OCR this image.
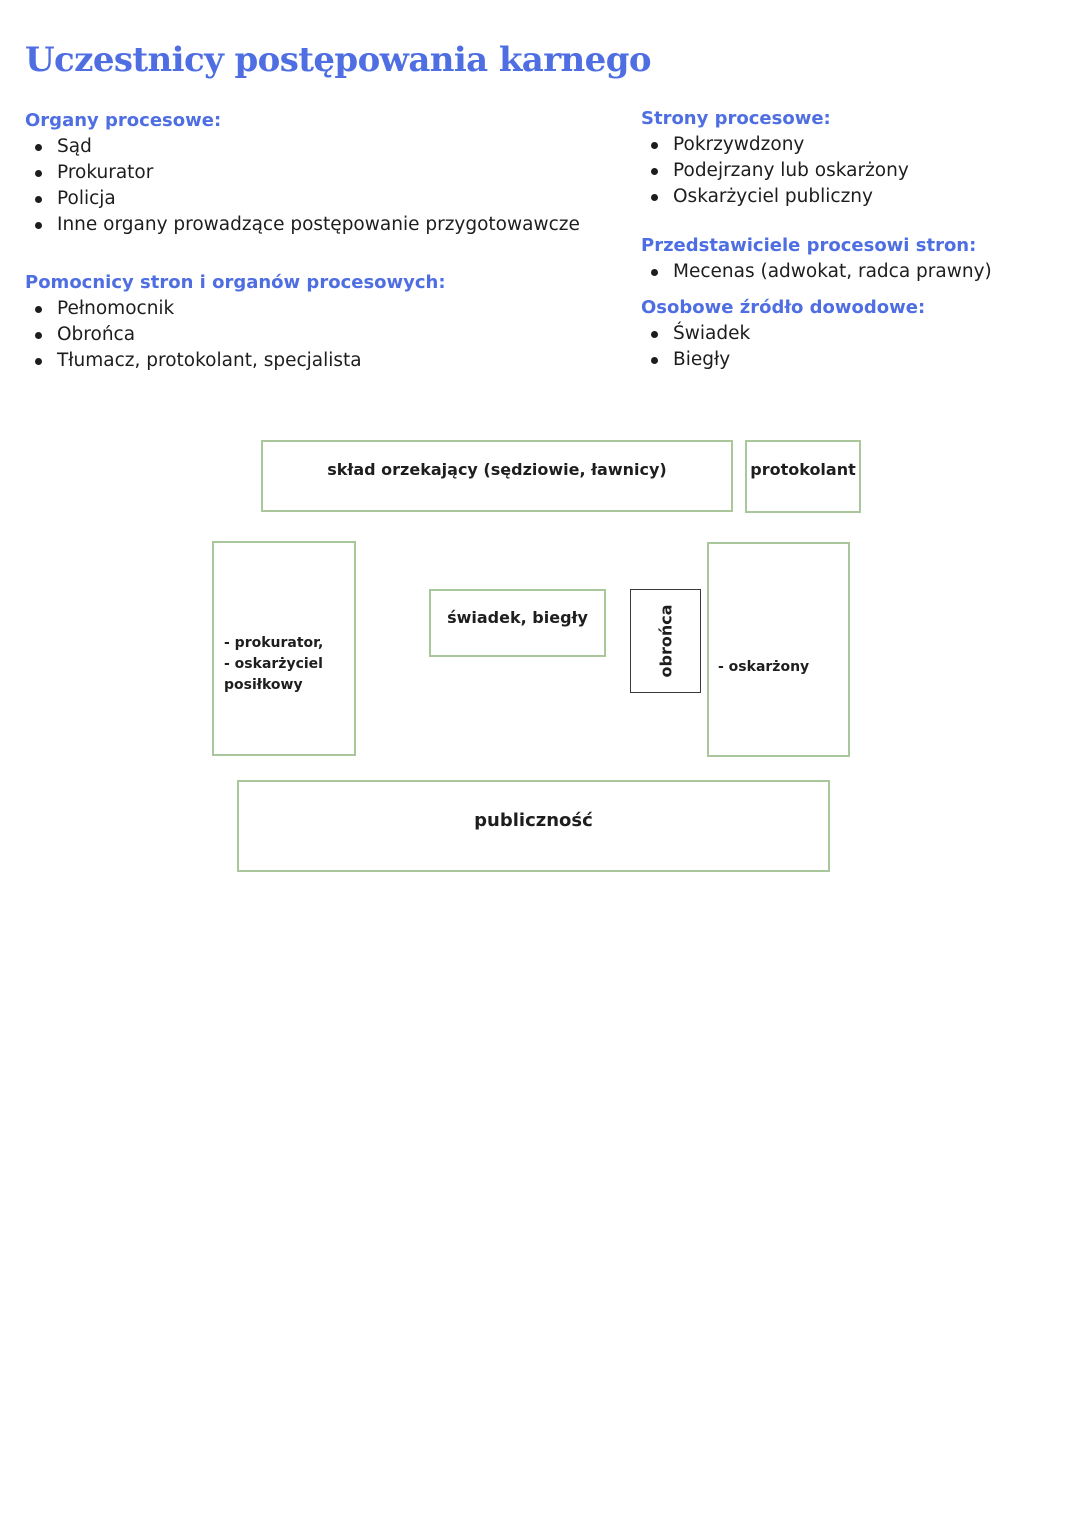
Uczestnicy postępowania karnego

Organy procesowe:

Sąd
Prokurator
Policja
Inne organy prowadzące postępowanie przygotowawcze

Pomocnicy stron i organów procesowych:

Pełnomocnik
Obrońca
Tłumacz, protokolant, specjalista

Strony procesowe:

Pokrzywdzony
Podejrzany lub oskarżony
Oskarżyciel publiczny

Przedstawiciele procesowi stron:

Mecenas (adwokat, radca prawny)

Osobowe źródło dowodowe:

Świadek
Biegły
skład orzekający (sędziowie, ławnicy)	protokolant
- prokurator,
- oskarżyciel
posiłkowy
świadek, biegły	obrońca	- oskarżony
publiczność
